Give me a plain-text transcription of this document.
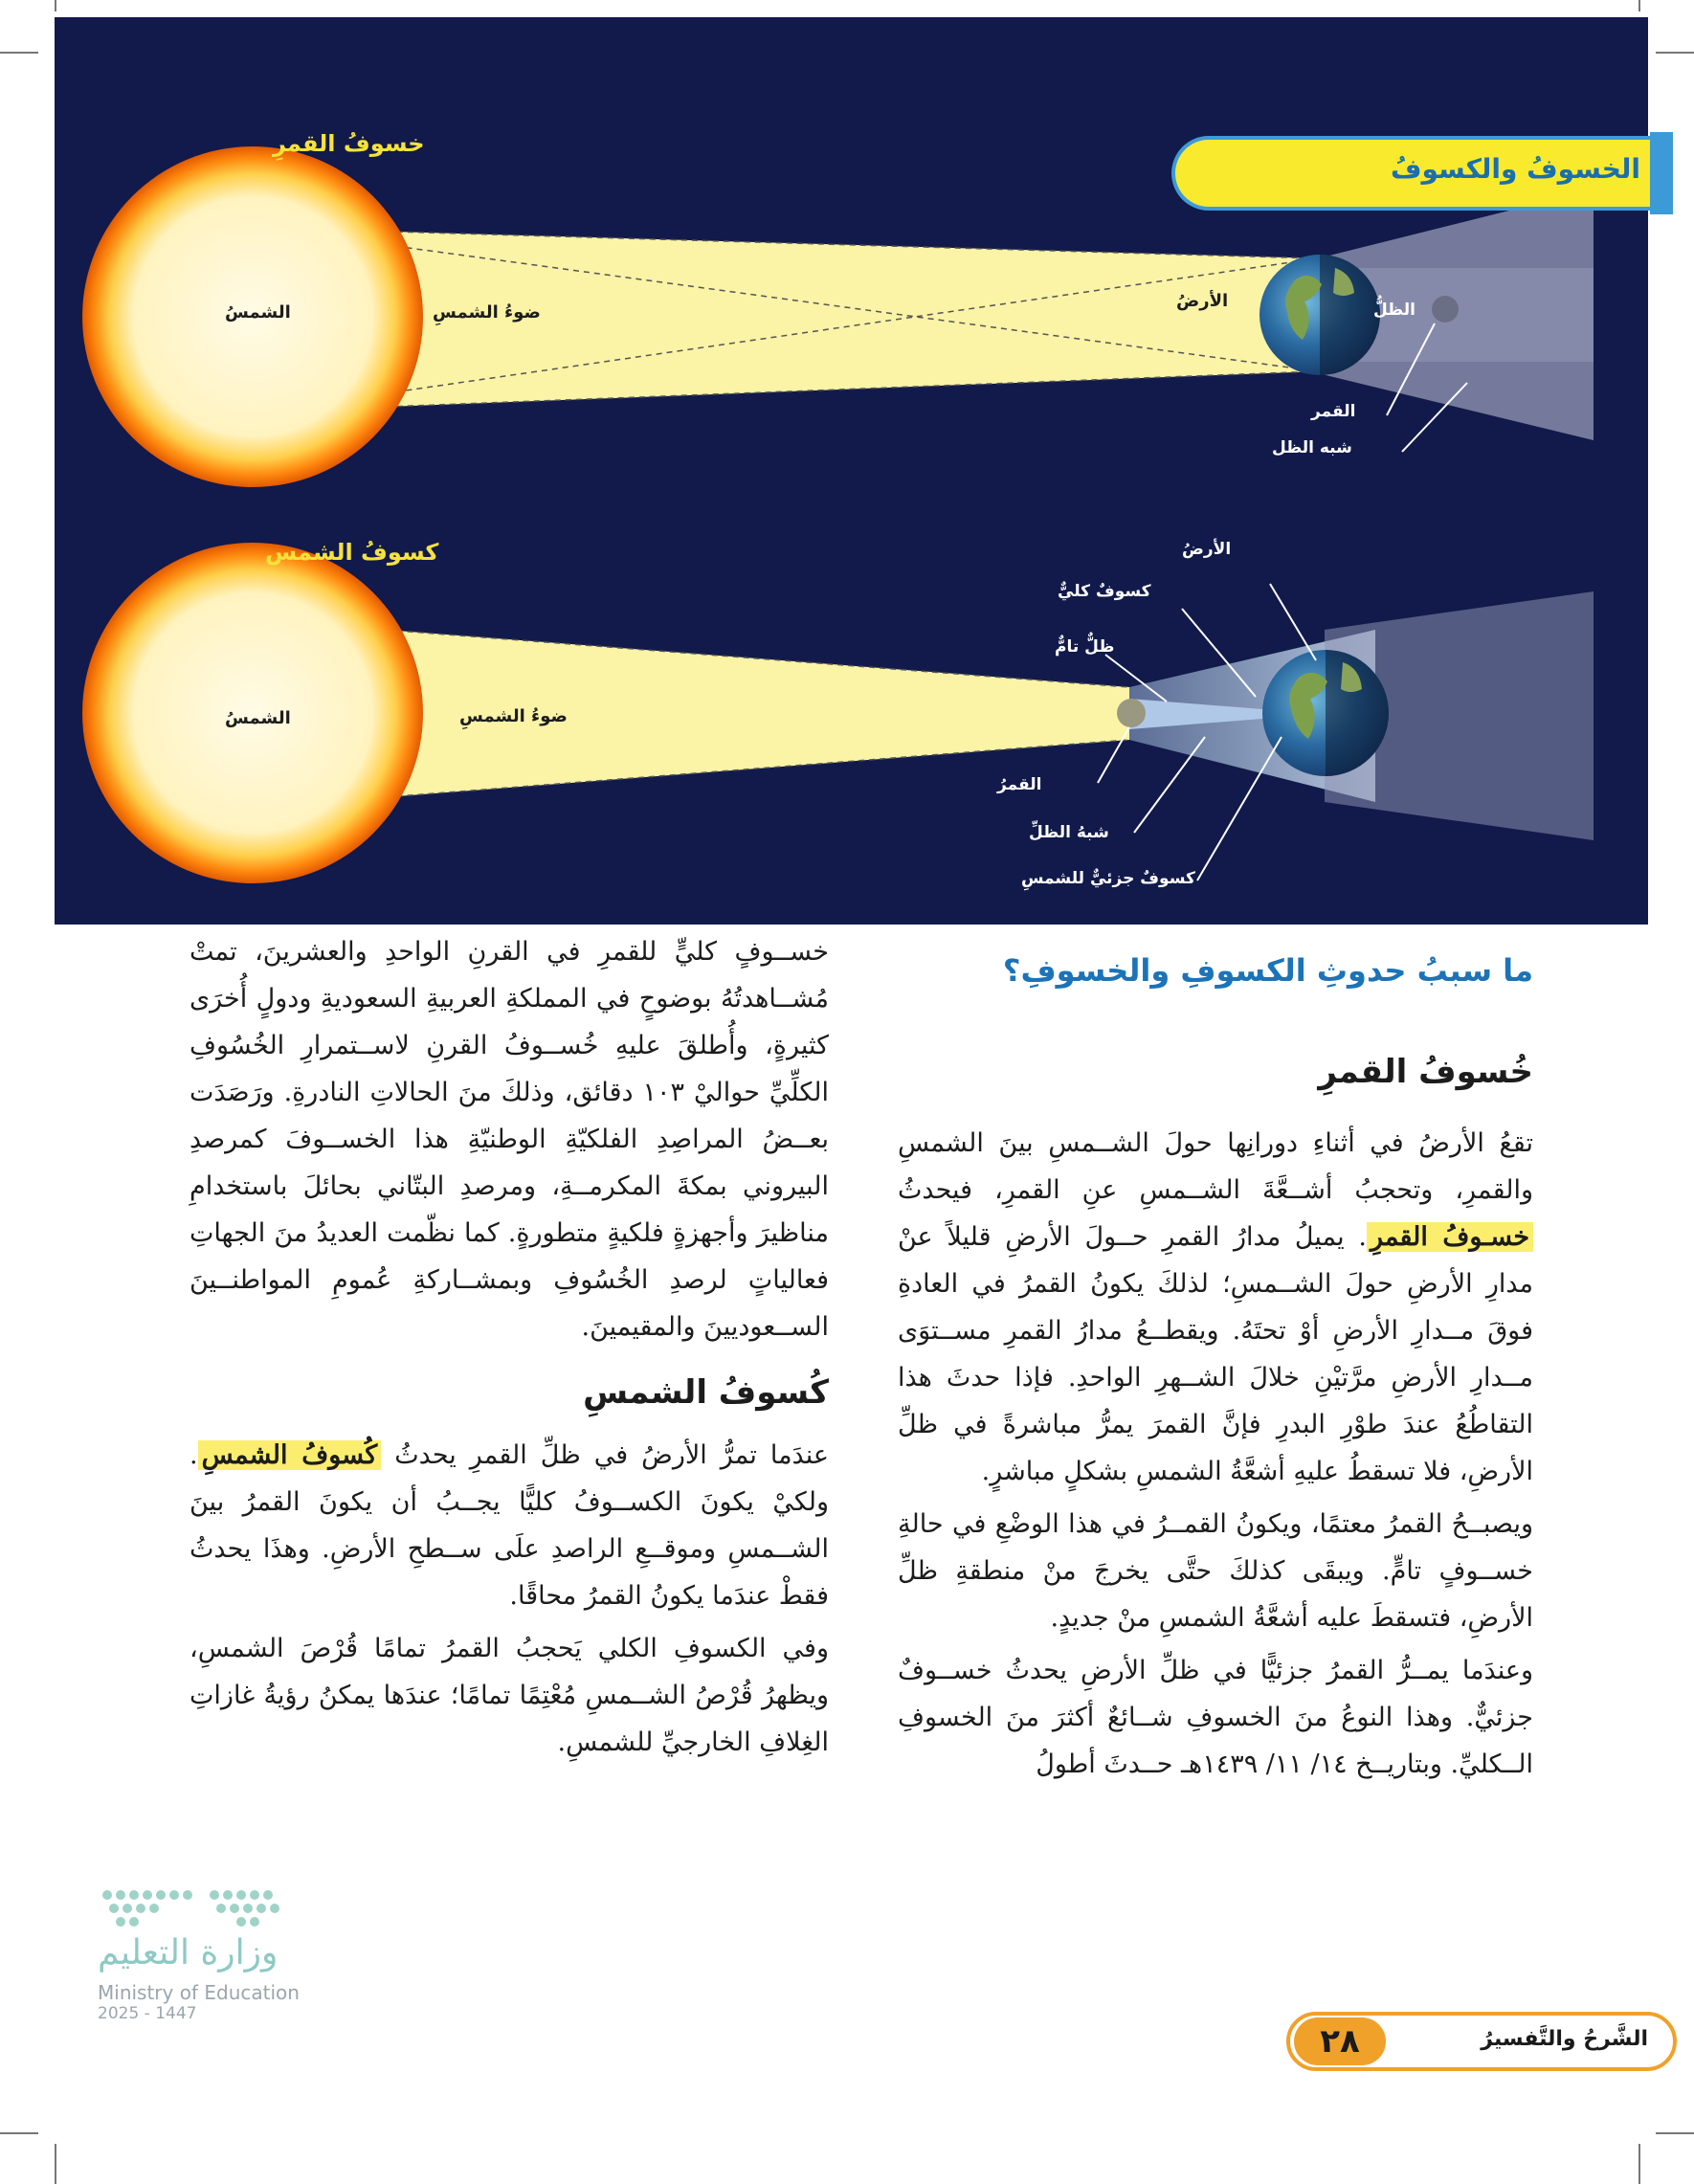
خسوفُ القمرِ
الشمسُ	ضوءُ الشمسِ
الأرضُ	الظلُّ
القمر
شبه الظل
كسوفُ الشمس
الشمسُ	ضوءُ الشمسِ
الأرضُ
كسوفٌ كليٌّ
ظلٌّ تامٌّ
القمرُ
شبهُ الظلِّ
كسوفٌ جزئيٌّ للشمسِ
الخسوفُ والكسوفُ
ما سببُ حدوثِ الكسوفِ والخسوفِ؟
خُسوفُ القمرِ

تقعُ الأرضُ في أثناءِ دورانِها حولَ الشــمسِ بينَ الشمسِ والقمرِ، وتحجبُ أشــعَّةَ الشــمسِ عنِ القمرِ، فيحدثُ خسـوفُ القمرِ. يميلُ مدارُ القمرِ حــولَ الأرضِ قليلاً عنْ مدارِ الأرضِ حولَ الشــمسِ؛ لذلكَ يكونُ القمرُ في العادةِ فوقَ مــدارِ الأرضِ أوْ تحتَهُ. ويقطــعُ مدارُ القمرِ مســتوَى مــدارِ الأرضِ مرَّتيْنِ خلالَ الشــهرِ الواحدِ. فإذا حدثَ هذا التقاطُعُ عندَ طوْرِ البدرِ فإنَّ القمرَ يمرُّ مباشرةً في ظلِّ الأرضِ، فلا تسقطُ عليهِ أشعَّةُ الشمسِ بشكلٍ مباشرٍ.

ويصبــحُ القمرُ معتمًا، ويكونُ القمــرُ في هذا الوضْعِ في حالةِ خســوفٍ تامٍّ. ويبقَى كذلكَ حتَّى يخرجَ منْ منطقةِ ظلِّ الأرضِ، فتسقطَ عليه أشعَّةُ الشمسِ منْ جديدٍ.

وعندَما يمــرُّ القمرُ جزئيًّا في ظلِّ الأرضِ يحدثُ خســوفٌ جزئيٌّ. وهذا النوعُ منَ الخسوفِ شــائعٌ أكثرَ منَ الخسوفِ الــكليِّ. وبتاريــخ ١٤/ ١١/ ١٤٣٩هـ حــدثَ أطولُ

خســوفٍ كليٍّ للقمرِ في القرنِ الواحدِ والعشرينَ، تمتْ مُشــاهدتُهُ بوضوحٍ في المملكةِ العربيةِ السعوديةِ ودولٍ أُخرَى كثيرةٍ، وأُطلقَ عليهِ خُســوفُ القرنِ لاســتمرارِ الخُسُوفِ الكلِّيِّ حواليْ ١٠٣ دقائق، وذلكَ منَ الحالاتِ النادرةِ. ورَصَدَت بعــضُ المراصِدِ الفلكيّةِ الوطنيّةِ هذا الخســوفَ كمرصدِ البيروني بمكةَ المكرمــةِ، ومرصدِ البتّاني بحائلَ باستخدامِ مناظيرَ وأجهزةٍ فلكيةٍ متطورةٍ. كما نظّمت العديدُ منَ الجهاتِ فعالياتٍ لرصدِ الخُسُوفِ وبمشــاركةِ عُمومِ المواطنــينَ الســعوديينَ والمقيمينَ.

كُسوفُ الشمسِ

عندَما تمرُّ الأرضُ في ظلِّ القمرِ يحدثُ كُسوفُ الشمسِ. ولكيْ يكونَ الكســوفُ كليًّا يجــبُ أن يكونَ القمرُ بينَ الشــمسِ وموقــعِ الراصدِ علَى ســطحِ الأرضِ. وهذَا يحدثُ فقطْ عندَما يكونُ القمرُ محاقًا.

وفي الكسوفِ الكلي يَحجبُ القمرُ تمامًا قُرْصَ الشمسِ، ويظهرُ قُرْصُ الشــمسِ مُعْتِمًا تمامًا؛ عندَها يمكنُ رؤيةُ غازاتِ الغِلافِ الخارجيِّ للشمسِ.

٢٨	الشَّرحُ والتَّفسيرُ
وزارة التعليم
Ministry of Education
2025 - 1447
